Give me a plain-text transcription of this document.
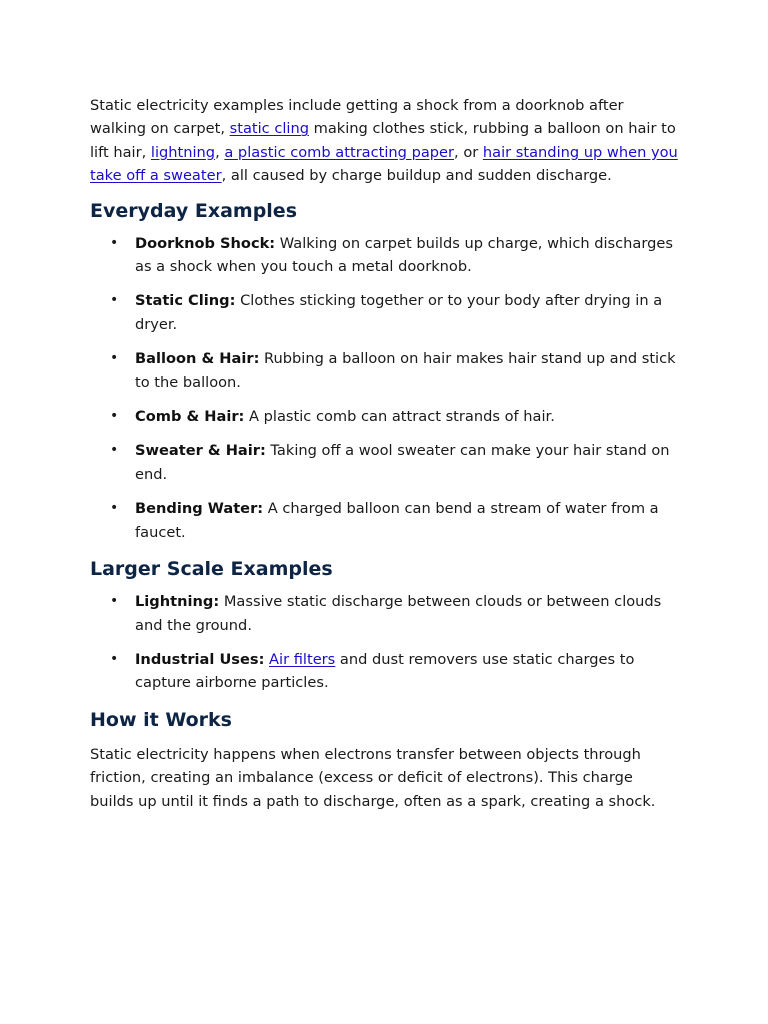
Static electricity examples include getting a shock from a doorknob after walking on carpet, static cling making clothes stick, rubbing a balloon on hair to lift hair, lightning, a plastic comb attracting paper, or hair standing up when you take off a sweater, all caused by charge buildup and sudden discharge.

Everyday Examples
• Doorknob Shock: Walking on carpet builds up charge, which discharges as a shock when you touch a metal doorknob.
• Static Cling: Clothes sticking together or to your body after drying in a dryer.
• Balloon & Hair: Rubbing a balloon on hair makes hair stand up and stick to the balloon.
• Comb & Hair: A plastic comb can attract strands of hair.
• Sweater & Hair: Taking off a wool sweater can make your hair stand on end.
• Bending Water: A charged balloon can bend a stream of water from a faucet.
Larger Scale Examples
• Lightning: Massive static discharge between clouds or between clouds and the ground.
• Industrial Uses: Air filters and dust removers use static charges to capture airborne particles.
How it Works

Static electricity happens when electrons transfer between objects through friction, creating an imbalance (excess or deficit of electrons). This charge builds up until it finds a path to discharge, often as a spark, creating a shock.
